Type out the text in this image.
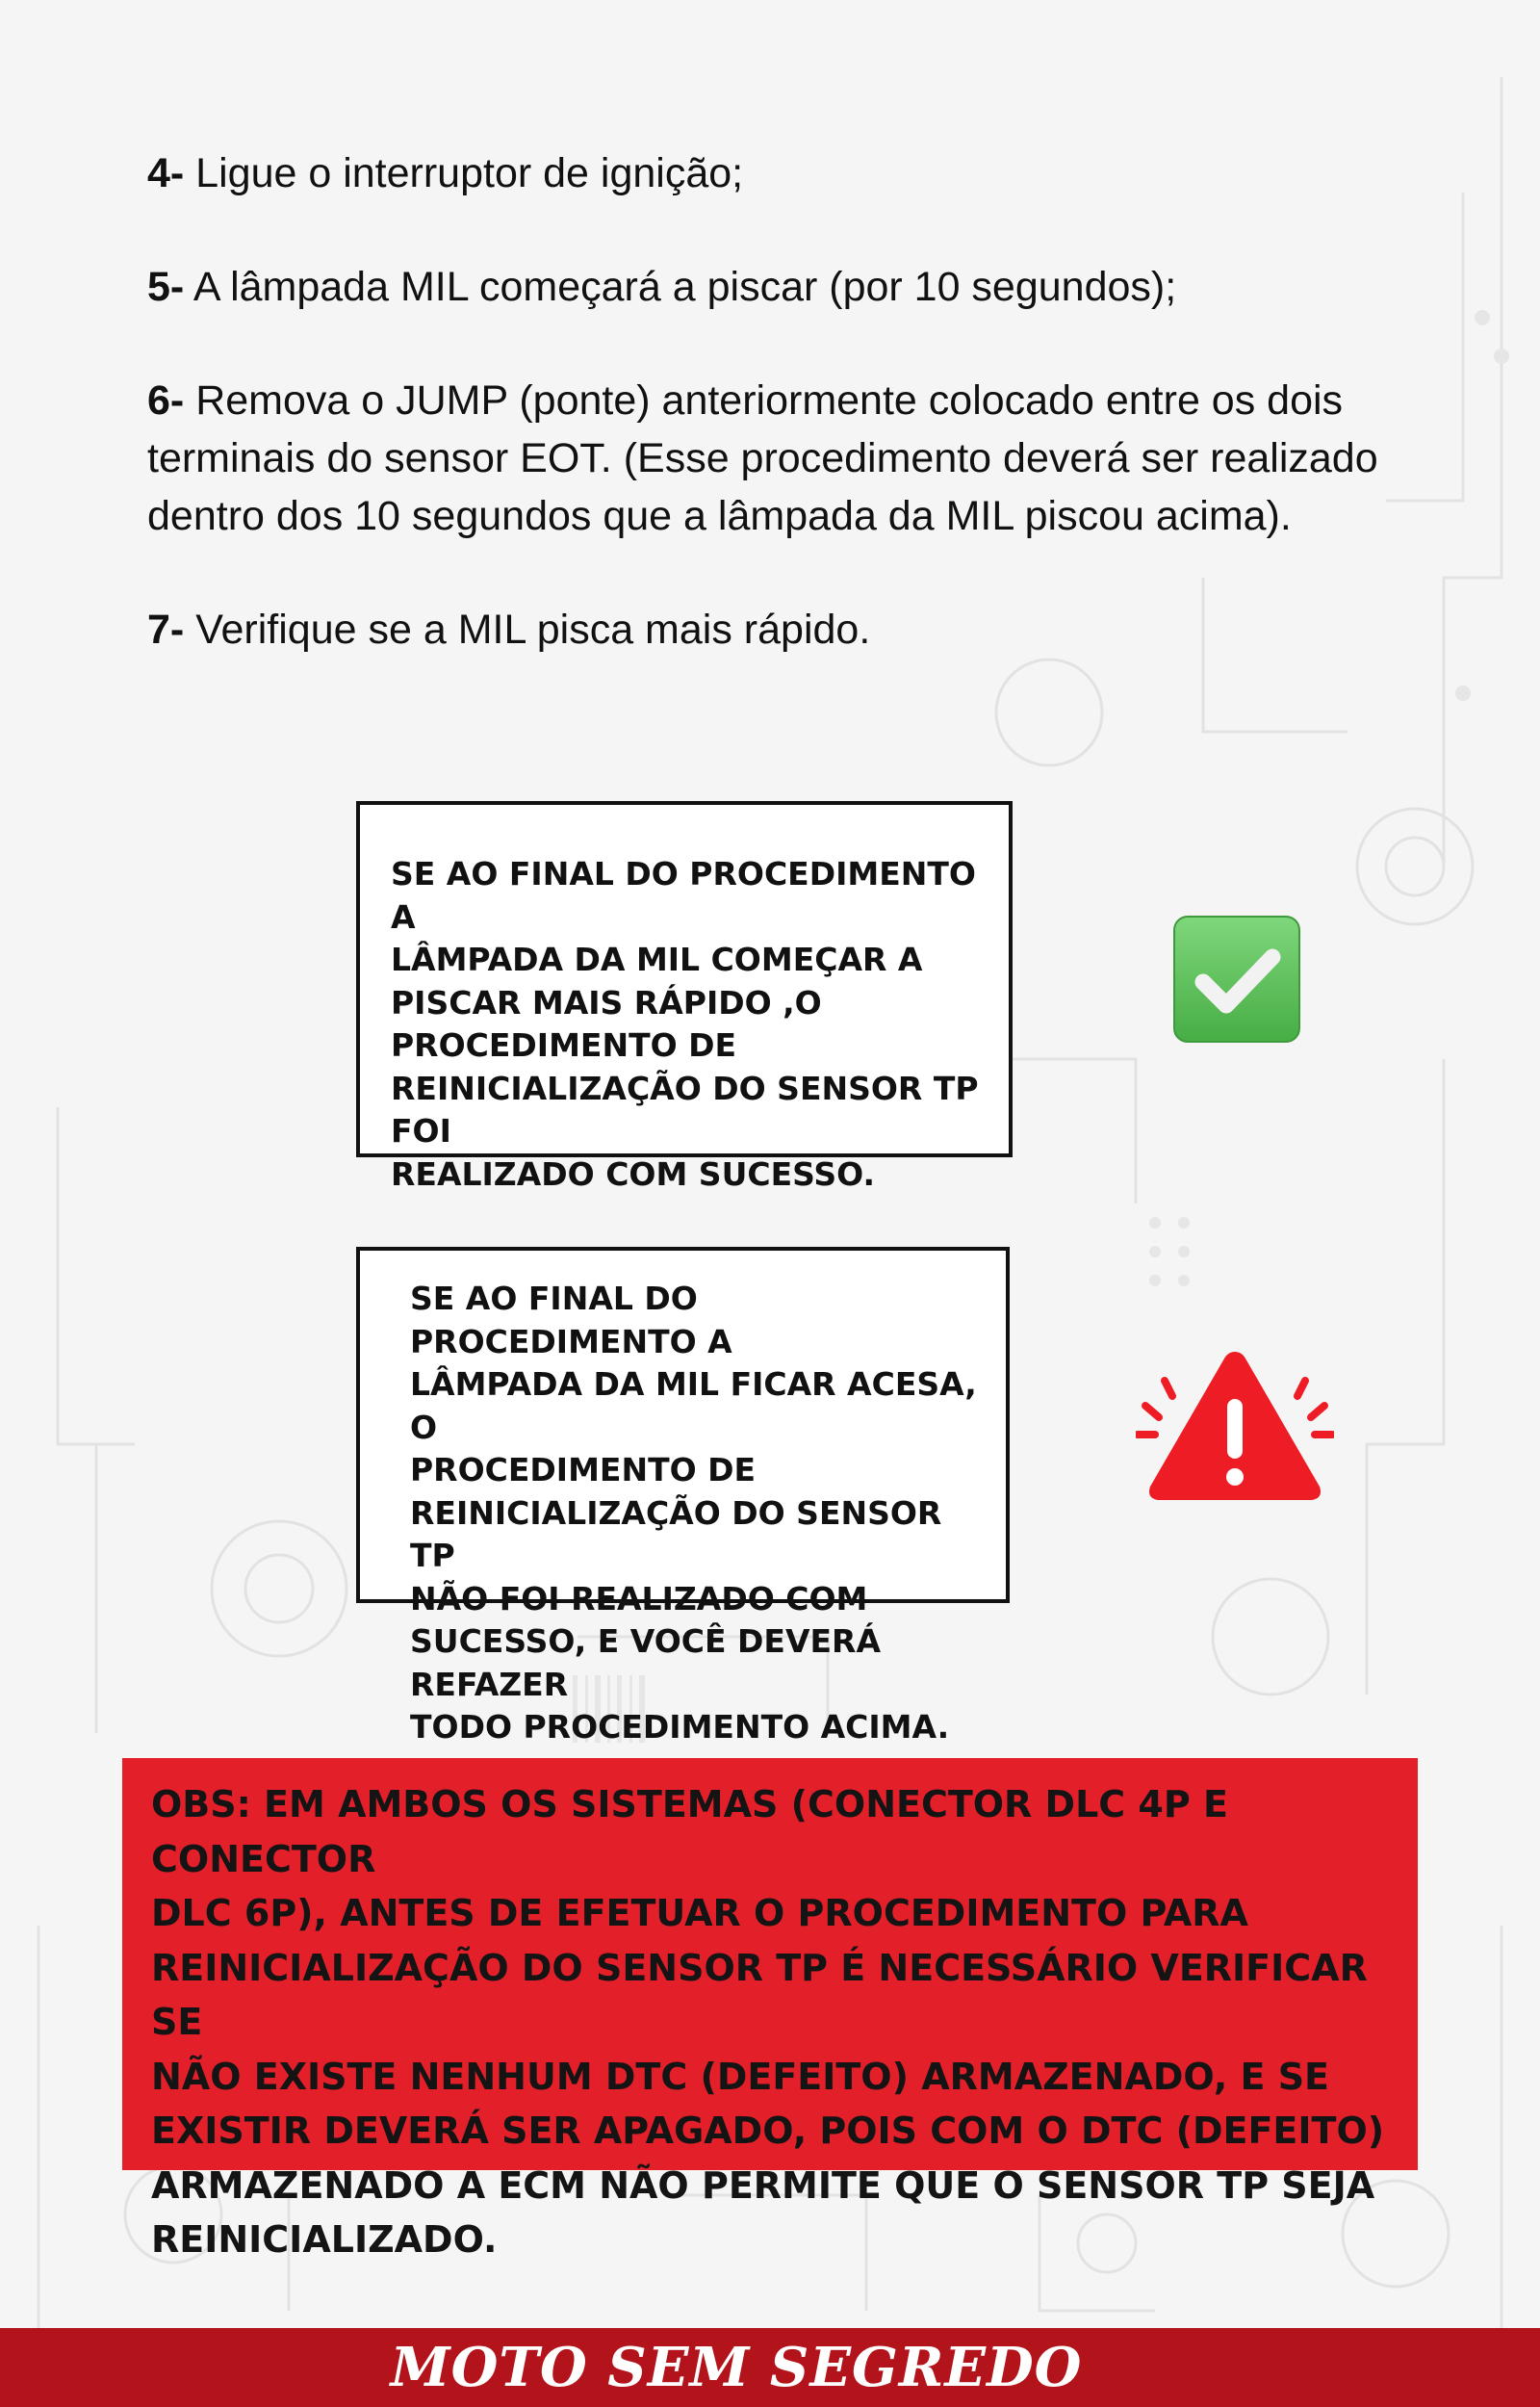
4- Ligue o interruptor de ignição;

5- A lâmpada MIL começará a piscar (por 10 segundos);

6- Remova o JUMP (ponte) anteriormente colocado entre os dois terminais do sensor EOT. (Esse procedimento deverá ser realizado dentro dos 10 segundos que a lâmpada da MIL piscou acima).

7- Verifique se a MIL pisca mais rápido.

SE AO FINAL DO PROCEDIMENTO A
LÂMPADA DA MIL COMEÇAR A
PISCAR MAIS RÁPIDO ,O
PROCEDIMENTO DE
REINICIALIZAÇÃO DO SENSOR TP FOI
REALIZADO COM SUCESSO.
SE AO FINAL DO PROCEDIMENTO A
LÂMPADA DA MIL FICAR ACESA, O
PROCEDIMENTO DE
REINICIALIZAÇÃO DO SENSOR TP
NÃO FOI REALIZADO COM
SUCESSO, E VOCÊ DEVERÁ REFAZER
TODO PROCEDIMENTO ACIMA.
OBS: EM AMBOS OS SISTEMAS (CONECTOR DLC 4P E CONECTOR
DLC 6P), ANTES DE EFETUAR O PROCEDIMENTO PARA
REINICIALIZAÇÃO DO SENSOR TP É NECESSÁRIO VERIFICAR SE
NÃO EXISTE NENHUM DTC (DEFEITO) ARMAZENADO, E SE
EXISTIR DEVERÁ SER APAGADO, POIS COM O DTC (DEFEITO)
ARMAZENADO A ECM NÃO PERMITE QUE O SENSOR TP SEJA
REINICIALIZADO.
MOTO SEM SEGREDO
